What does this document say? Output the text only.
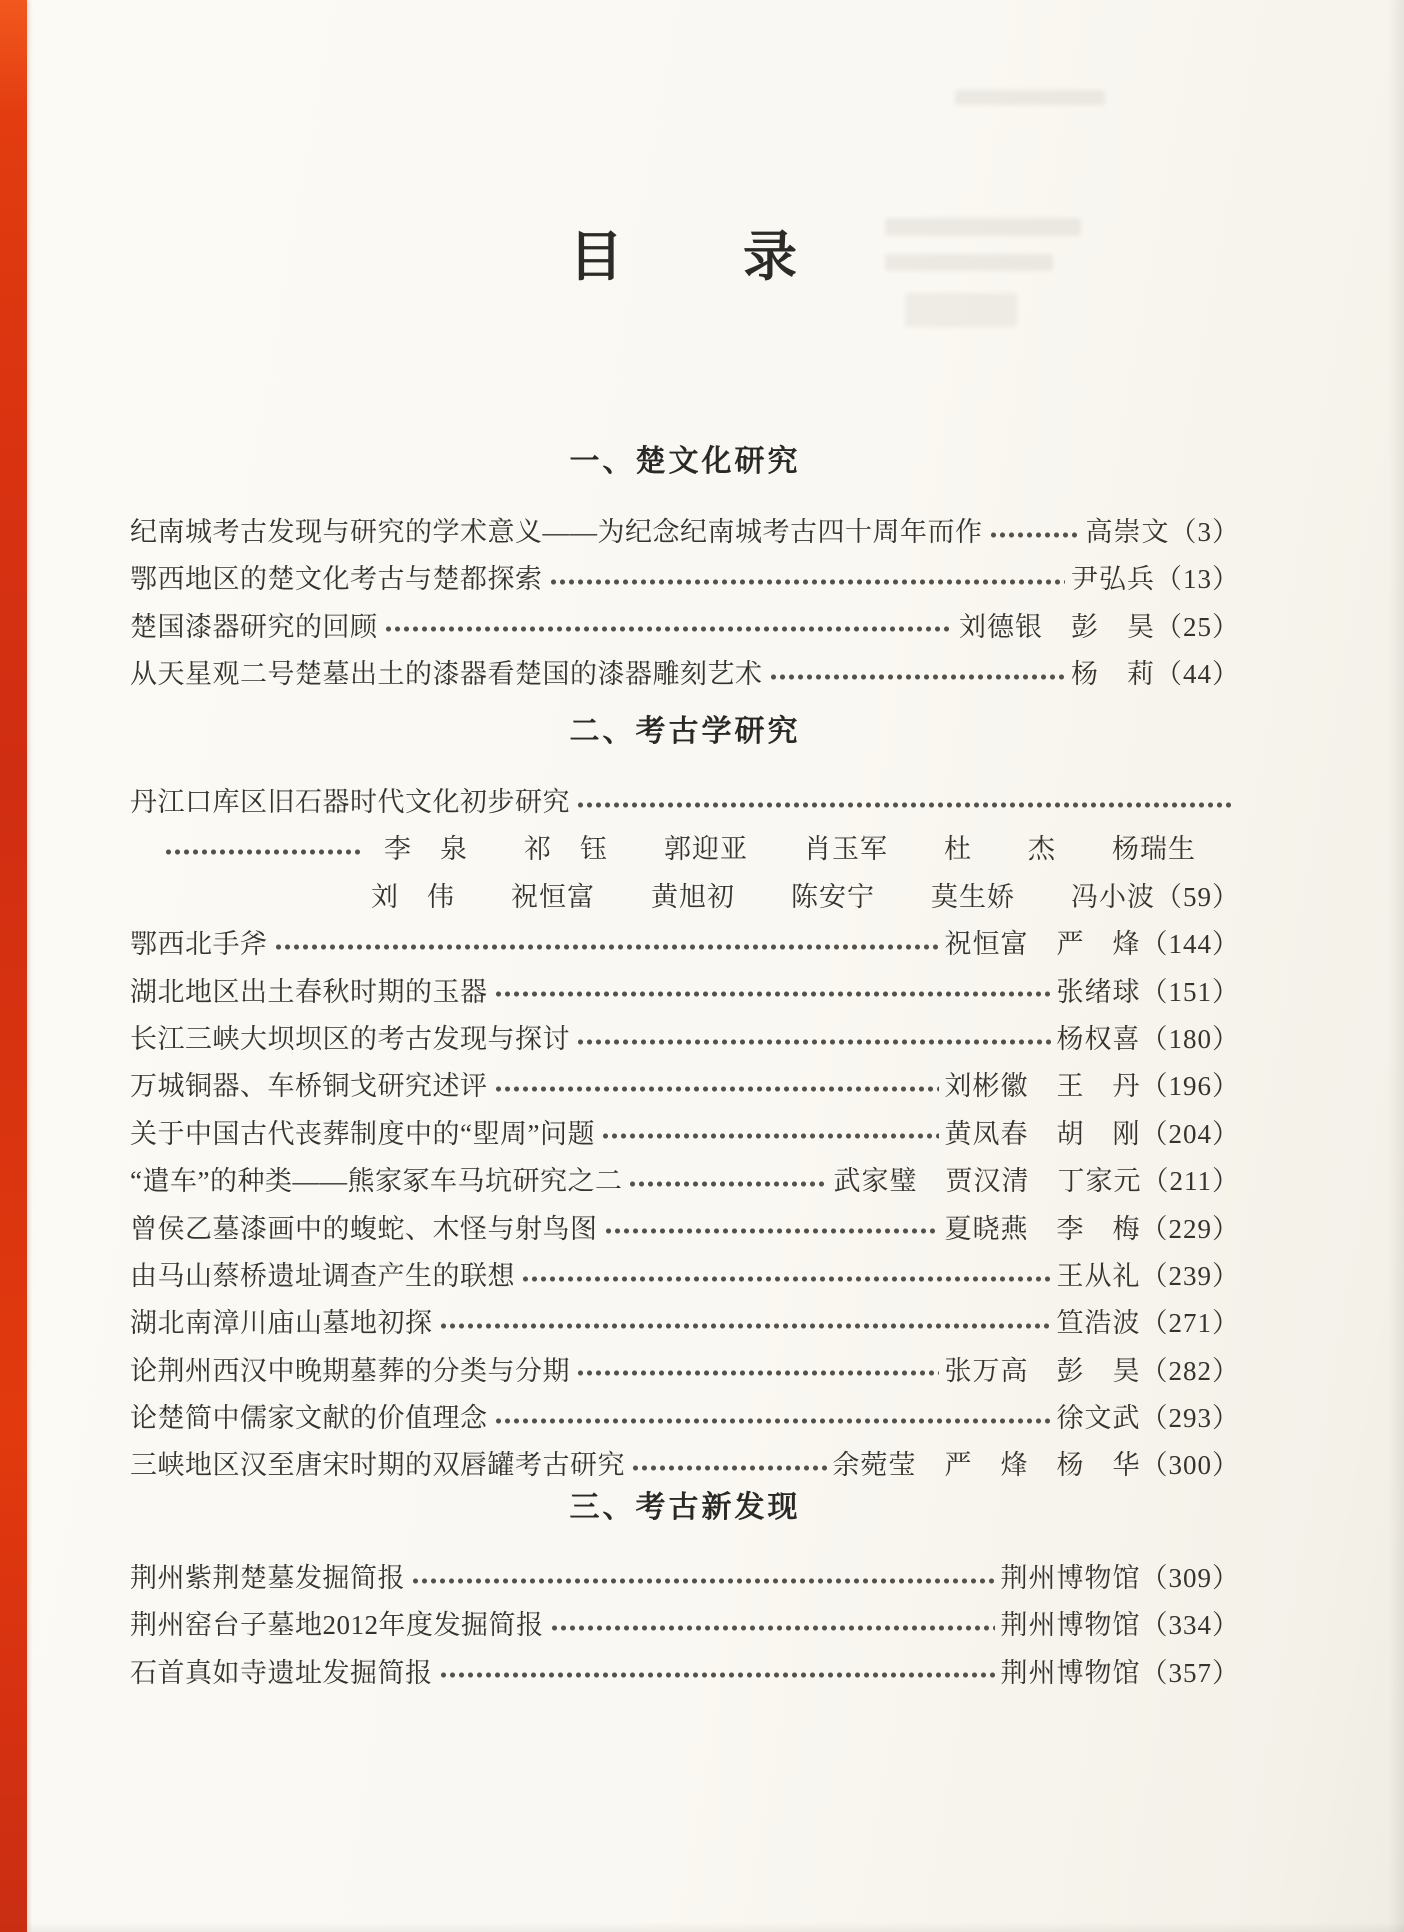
目　　录
一、楚文化研究
纪南城考古发现与研究的学术意义——为纪念纪南城考古四十周年而作	高崇文（3）
鄂西地区的楚文化考古与楚都探索	尹弘兵（13）
楚国漆器研究的回顾	刘德银　彭　昊（25）
从天星观二号楚墓出土的漆器看楚国的漆器雕刻艺术	杨　莉（44）
二、考古学研究
丹江口库区旧石器时代文化初步研究
李　泉　　祁　钰　　郭迎亚　　肖玉军　　杜　　杰　　杨瑞生
刘　伟　　祝恒富　　黄旭初　　陈安宁　　莫生娇　　冯小波（59）
鄂西北手斧	祝恒富　严　烽（144）
湖北地区出土春秋时期的玉器	张绪球（151）
长江三峡大坝坝区的考古发现与探讨	杨权喜（180）
万城铜器、车桥铜戈研究述评	刘彬徽　王　丹（196）
关于中国古代丧葬制度中的“堲周”问题	黄凤春　胡　刚（204）
“遣车”的种类——熊家冢车马坑研究之二	武家璧　贾汉清　丁家元（211）
曾侯乙墓漆画中的蝮蛇、木怪与射鸟图	夏晓燕　李　梅（229）
由马山蔡桥遗址调查产生的联想	王从礼（239）
湖北南漳川庙山墓地初探	笪浩波（271）
论荆州西汉中晚期墓葬的分类与分期	张万高　彭　昊（282）
论楚简中儒家文献的价值理念	徐文武（293）
三峡地区汉至唐宋时期的双唇罐考古研究	余菀莹　严　烽　杨　华（300）
三、考古新发现
荆州紫荆楚墓发掘简报	荆州博物馆（309）
荆州窑台子墓地2012年度发掘简报	荆州博物馆（334）
石首真如寺遗址发掘简报	荆州博物馆（357）
